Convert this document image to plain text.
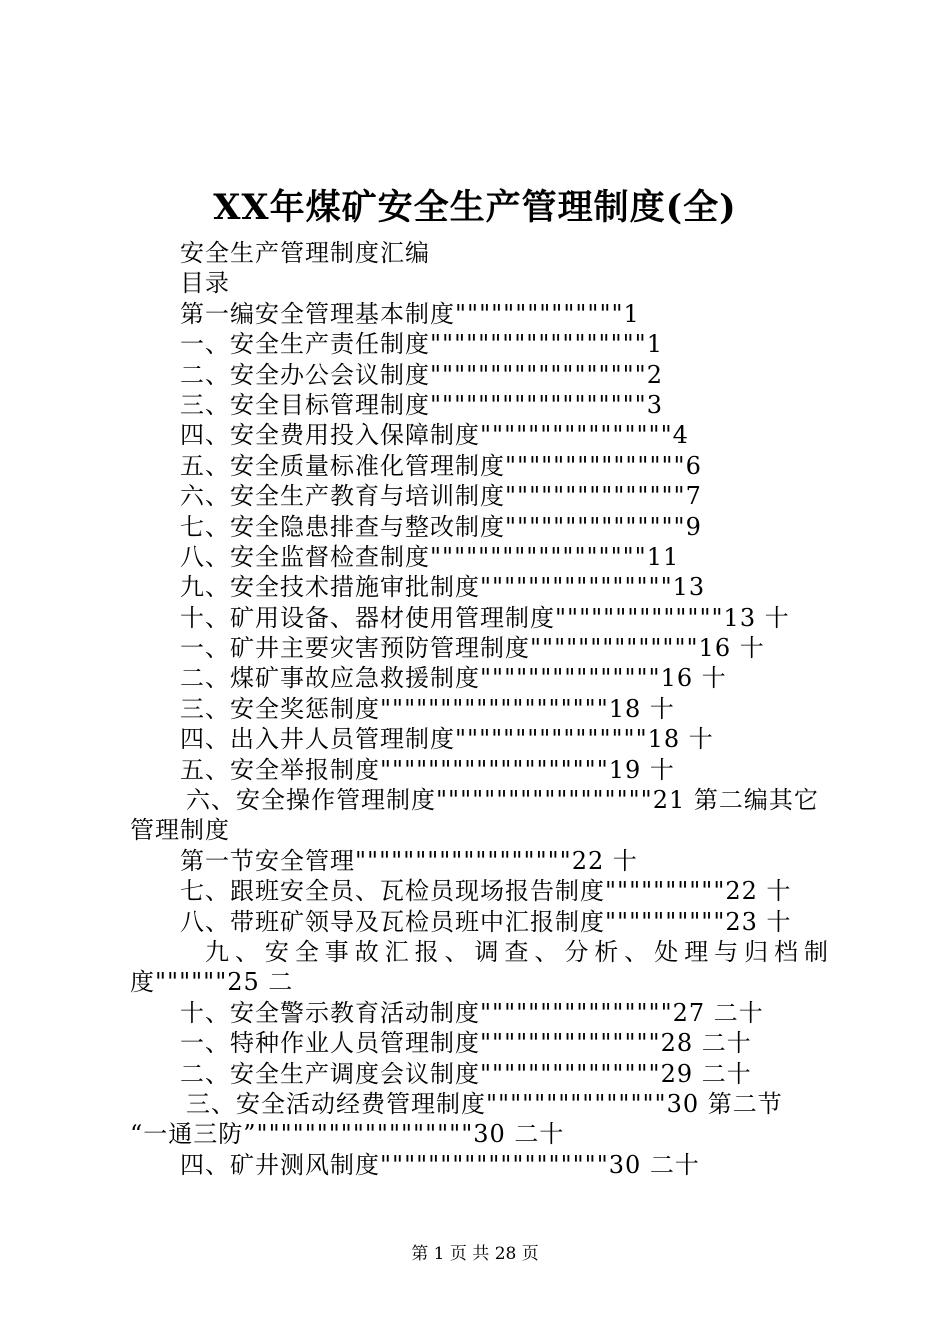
XX年煤矿安全生产管理制度(全)
安全生产管理制度汇编
目录
第一编安全管理基本制度""""""""""""""1
一、安全生产责任制度""""""""""""""""""1
二、安全办公会议制度""""""""""""""""""2
三、安全目标管理制度""""""""""""""""""3
四、安全费用投入保障制度""""""""""""""""4
五、安全质量标准化管理制度"""""""""""""""6
六、安全生产教育与培训制度"""""""""""""""7
七、安全隐患排查与整改制度"""""""""""""""9
八、安全监督检查制度""""""""""""""""""11
九、安全技术措施审批制度""""""""""""""""13
十、矿用设备、器材使用管理制度""""""""""""""13 十
一、矿井主要灾害预防管理制度""""""""""""""16 十
二、煤矿事故应急救援制度"""""""""""""""16 十
三、安全奖惩制度"""""""""""""""""""18 十
四、出入井人员管理制度""""""""""""""""18 十
五、安全举报制度"""""""""""""""""""19 十
六、安全操作管理制度""""""""""""""""""21 第二编其它
管理制度
第一节安全管理""""""""""""""""""22 十
七、跟班安全员、瓦检员现场报告制度""""""""""22 十
八、带班矿领导及瓦检员班中汇报制度""""""""""23 十
九、安全事故汇报、调查、分析、处理与归档制
度""""""25 二
十、安全警示教育活动制度""""""""""""""""27 二十
一、特种作业人员管理制度"""""""""""""""28 二十
二、安全生产调度会议制度"""""""""""""""29 二十
三、安全活动经费管理制度"""""""""""""""30 第二节
“一通三防”""""""""""""""""""30 二十
四、矿井测风制度"""""""""""""""""""30 二十
第 1 页 共 28 页
